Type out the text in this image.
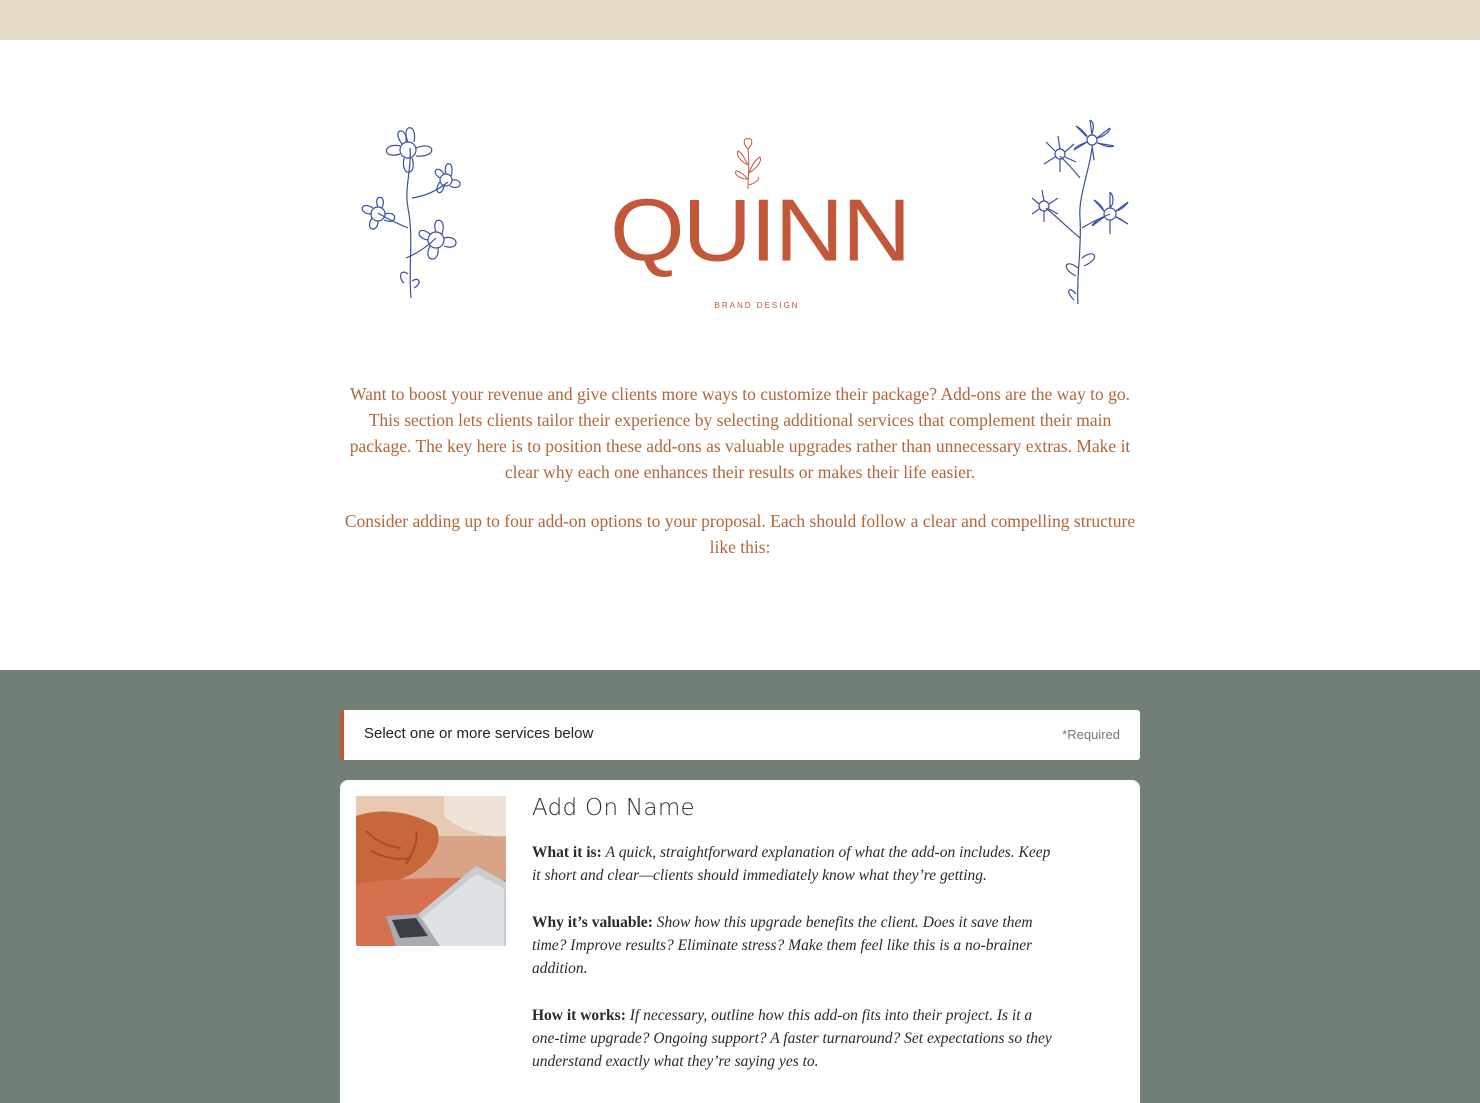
QUINN
BRAND DESIGN

Want to boost your revenue and give clients more ways to customize their package? Add-ons are the way to go.

This section lets clients tailor their experience by selecting additional services that complement their main package. The key here is to position these add-ons as valuable upgrades rather than unnecessary extras. Make it clear why each one enhances their results or makes their life easier.

Consider adding up to four add-on options to your proposal. Each should follow a clear and compelling structure like this:

Select one or more services below	*Required
Add On Name

What it is: A quick, straightforward explanation of what the add-on includes. Keep it short and clear—clients should immediately know what they’re getting.

Why it’s valuable: Show how this upgrade benefits the client. Does it save them time? Improve results? Eliminate stress? Make them feel like this is a no-brainer addition.

How it works: If necessary, outline how this add-on fits into their project. Is it a one-time upgrade? Ongoing support? A faster turnaround? Set expectations so they understand exactly what they’re saying yes to.
